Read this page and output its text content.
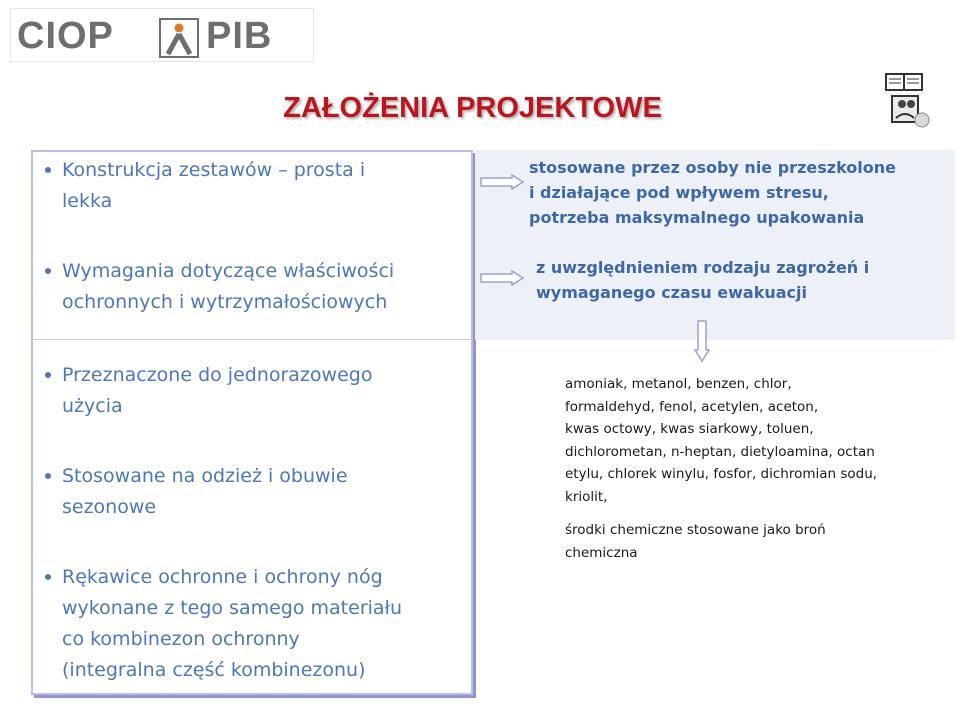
CIOP PIB
ZAŁOŻENIA PROJEKTOWE
Konstrukcja zestawów – prosta i
lekka
Wymagania dotyczące właściwości
ochronnych i wytrzymałościowych
Przeznaczone do jednorazowego
użycia
Stosowane na odzież i obuwie
sezonowe
Rękawice ochronne i ochrony nóg
wykonane z tego samego materiału
co kombinezon ochronny
(integralna część kombinezonu)
stosowane przez osoby nie przeszkolone
i działające pod wpływem stresu,
potrzeba maksymalnego upakowania
z uwzględnieniem rodzaju zagrożeń i
wymaganego czasu ewakuacji
amoniak, metanol, benzen, chlor,
formaldehyd, fenol, acetylen, aceton,
kwas octowy, kwas siarkowy, toluen,
dichlorometan, n-heptan, dietyloamina, octan
etylu, chlorek winylu, fosfor, dichromian sodu,
kriolit,
środki chemiczne stosowane jako broń
chemiczna
